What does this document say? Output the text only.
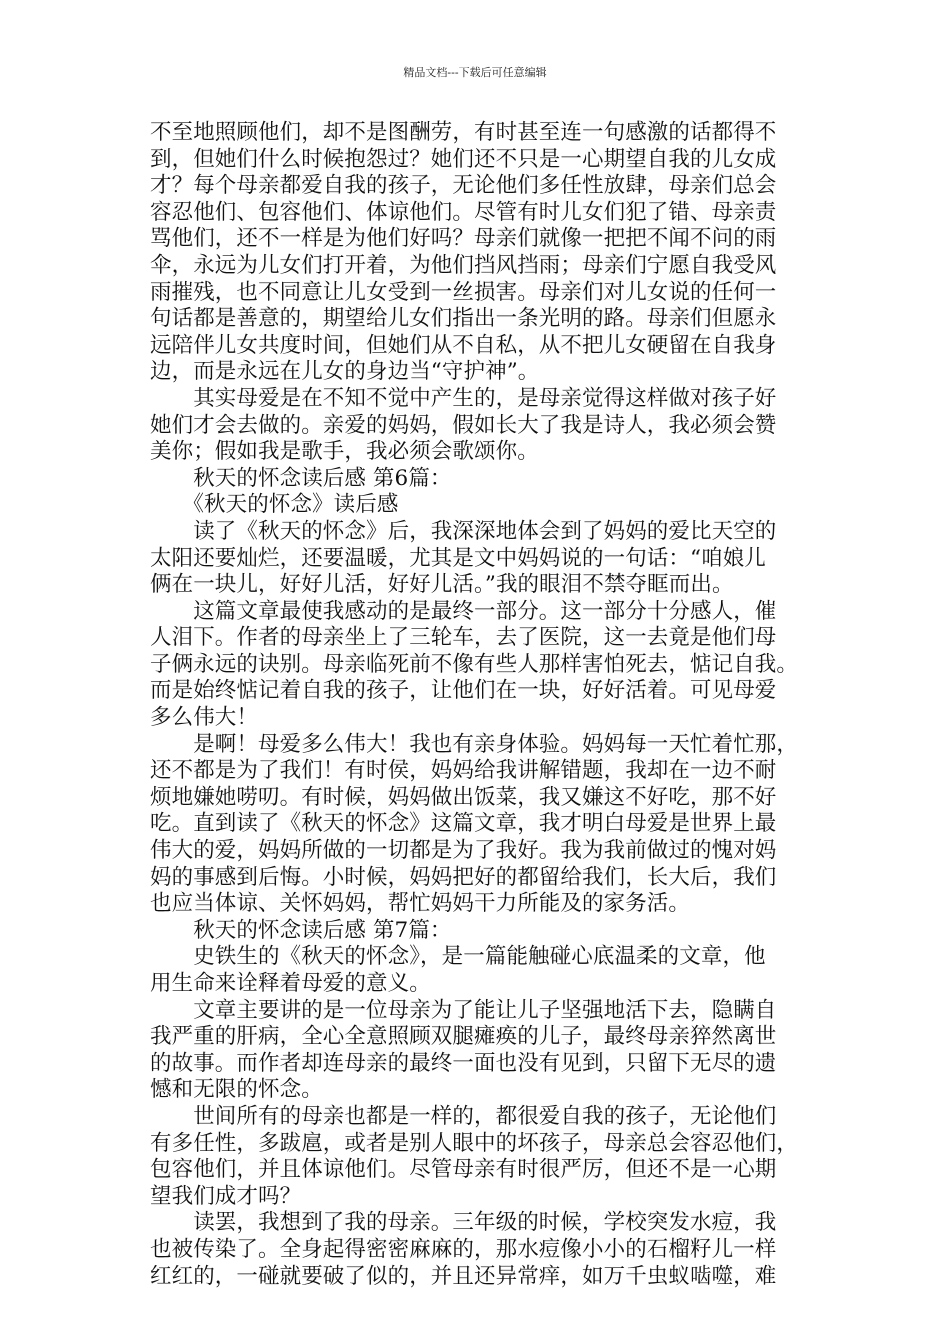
精品文档---下载后可任意编辑
不至地照顾他们，却不是图酬劳，有时甚至连一句感激的话都得不
到，但她们什么时候抱怨过？她们还不只是一心期望自我的儿女成
才？每个母亲都爱自我的孩子，无论他们多任性放肆，母亲们总会
容忍他们、包容他们、体谅他们。尽管有时儿女们犯了错、母亲责
骂他们，还不一样是为他们好吗？母亲们就像一把把不闻不问的雨
伞，永远为儿女们打开着，为他们挡风挡雨；母亲们宁愿自我受风
雨摧残，也不同意让儿女受到一丝损害。母亲们对儿女说的任何一
句话都是善意的，期望给儿女们指出一条光明的路。母亲们但愿永
远陪伴儿女共度时间，但她们从不自私，从不把儿女硬留在自我身
边，而是永远在儿女的身边当“守护神”。
　　其实母爱是在不知不觉中产生的，是母亲觉得这样做对孩子好
她们才会去做的。亲爱的妈妈，假如长大了我是诗人，我必须会赞
美你；假如我是歌手，我必须会歌颂你。
　　秋天的怀念读后感 第6篇：
　　《秋天的怀念》读后感
　　读了《秋天的怀念》后，我深深地体会到了妈妈的爱比天空的
太阳还要灿烂，还要温暖，尤其是文中妈妈说的一句话：“咱娘儿
俩在一块儿，好好儿活，好好儿活。”我的眼泪不禁夺眶而出。
　　这篇文章最使我感动的是最终一部分。这一部分十分感人，催
人泪下。作者的母亲坐上了三轮车，去了医院，这一去竟是他们母
子俩永远的诀别。母亲临死前不像有些人那样害怕死去，惦记自我。
而是始终惦记着自我的孩子，让他们在一块，好好活着。可见母爱
多么伟大！
　　是啊！母爱多么伟大！我也有亲身体验。妈妈每一天忙着忙那，
还不都是为了我们！有时侯，妈妈给我讲解错题，我却在一边不耐
烦地嫌她唠叨。有时候，妈妈做出饭菜，我又嫌这不好吃，那不好
吃。直到读了《秋天的怀念》这篇文章，我才明白母爱是世界上最
伟大的爱，妈妈所做的一切都是为了我好。我为我前做过的愧对妈
妈的事感到后悔。小时候，妈妈把好的都留给我们，长大后，我们
也应当体谅、关怀妈妈，帮忙妈妈干力所能及的家务活。
　　秋天的怀念读后感 第7篇：
　　史铁生的《秋天的怀念》，是一篇能触碰心底温柔的文章，他
用生命来诠释着母爱的意义。
　　文章主要讲的是一位母亲为了能让儿子坚强地活下去，隐瞒自
我严重的肝病，全心全意照顾双腿瘫痪的儿子，最终母亲猝然离世
的故事。而作者却连母亲的最终一面也没有见到，只留下无尽的遗
憾和无限的怀念。
　　世间所有的母亲也都是一样的，都很爱自我的孩子，无论他们
有多任性，多跋扈，或者是别人眼中的坏孩子，母亲总会容忍他们，
包容他们，并且体谅他们。尽管母亲有时很严厉，但还不是一心期
望我们成才吗？
　　读罢，我想到了我的母亲。三年级的时候，学校突发水痘，我
也被传染了。全身起得密密麻麻的，那水痘像小小的石榴籽儿一样
红红的，一碰就要破了似的，并且还异常痒，如万千虫蚁啮噬，难
